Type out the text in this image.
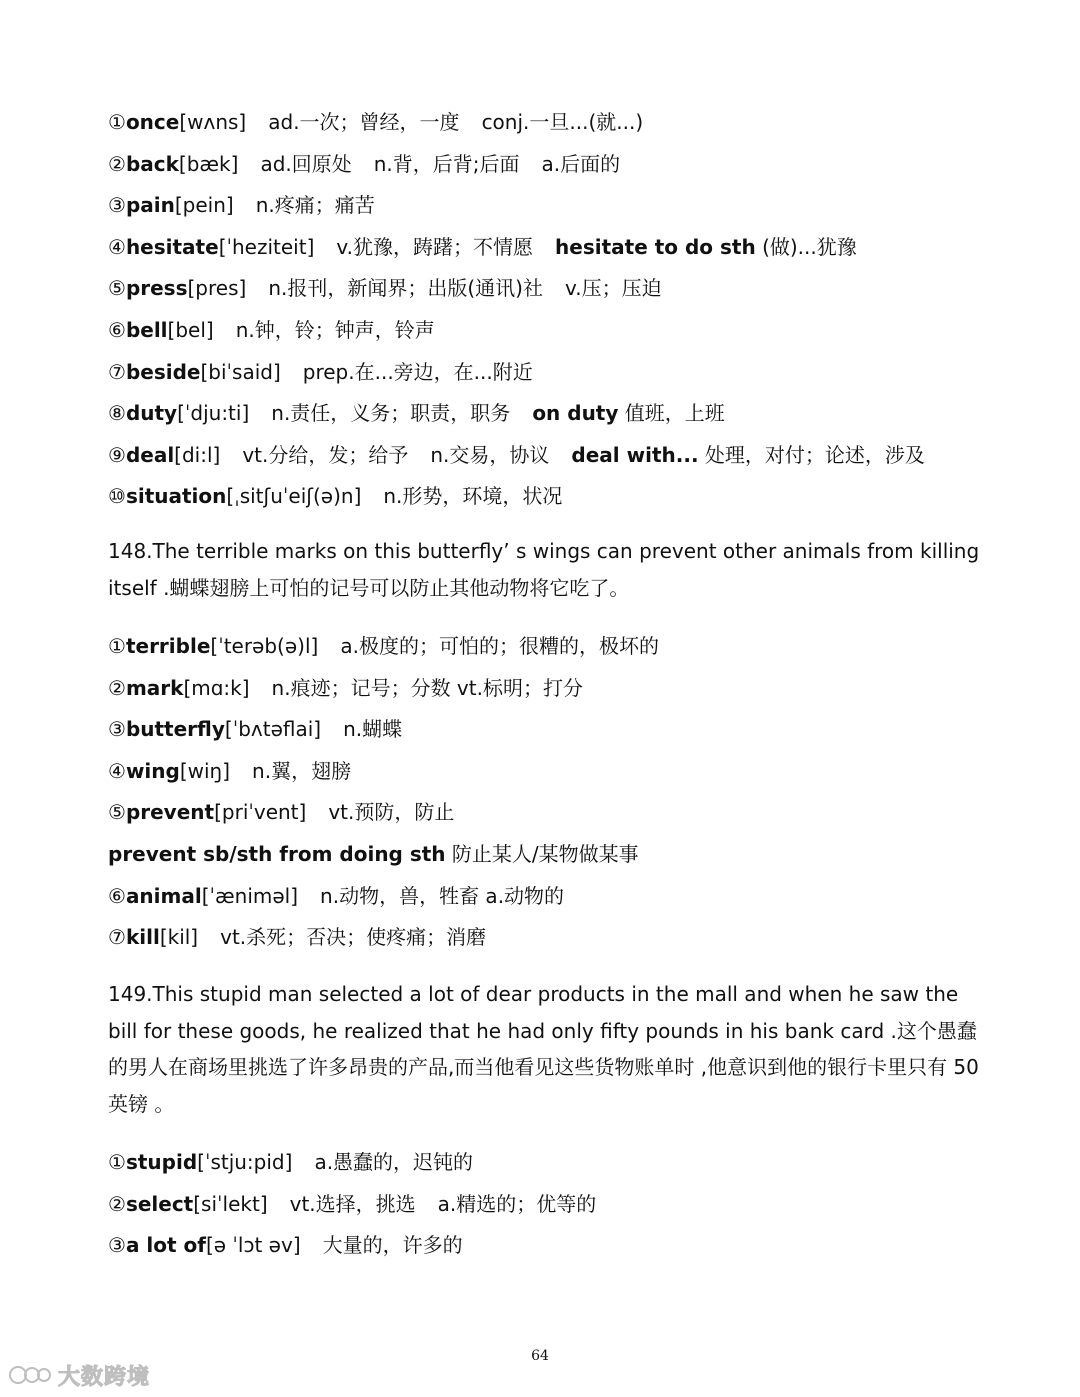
①once[wʌns] ad.一次；曾经，一度 conj.一旦...(就...)
②back[bæk] ad.回原处 n.背，后背;后面 a.后面的
③pain[pein] n.疼痛；痛苦
④hesitate[ˈheziteit] v.犹豫，踌躇；不情愿 hesitate to do sth (做)...犹豫
⑤press[pres] n.报刊，新闻界；出版(通讯)社 v.压；压迫
⑥bell[bel] n.钟，铃；钟声，铃声
⑦beside[biˈsaid] prep.在...旁边，在...附近
⑧duty[ˈdju:ti] n.责任，义务；职责，职务 on duty 值班，上班
⑨deal[di:l] vt.分给，发；给予 n.交易，协议 deal with... 处理，对付；论述，涉及
⑩situation[ˌsitʃuˈeiʃ(ə)n] n.形势，环境，状况
148.The terrible marks on this butterfly’ s wings can prevent other animals from killing itself .蝴蝶翅膀上可怕的记号可以防止其他动物将它吃了。
①terrible[ˈterəb(ə)l] a.极度的；可怕的；很糟的，极坏的
②mark[mɑ:k] n.痕迹；记号；分数 vt.标明；打分
③butterfly[ˈbʌtəflai] n.蝴蝶
④wing[wiŋ] n.翼，翅膀
⑤prevent[priˈvent] vt.预防，防止
prevent sb/sth from doing sth 防止某人/某物做某事
⑥animal[ˈænimәl] n.动物，兽，牲畜 a.动物的
⑦kill[kil] vt.杀死；否决；使疼痛；消磨
149.This stupid man selected a lot of dear products in the mall and when he saw the bill for these goods, he realized that he had only fifty pounds in his bank card .这个愚蠢的男人在商场里挑选了许多昂贵的产品,而当他看见这些货物账单时 ,他意识到他的银行卡里只有 50 英镑 。
①stupid[ˈstju:pid] a.愚蠢的，迟钝的
②select[siˈlekt] vt.选择，挑选 a.精选的；优等的
③a lot of[ə ˈlɔt əv] 大量的，许多的
64
大数跨境
